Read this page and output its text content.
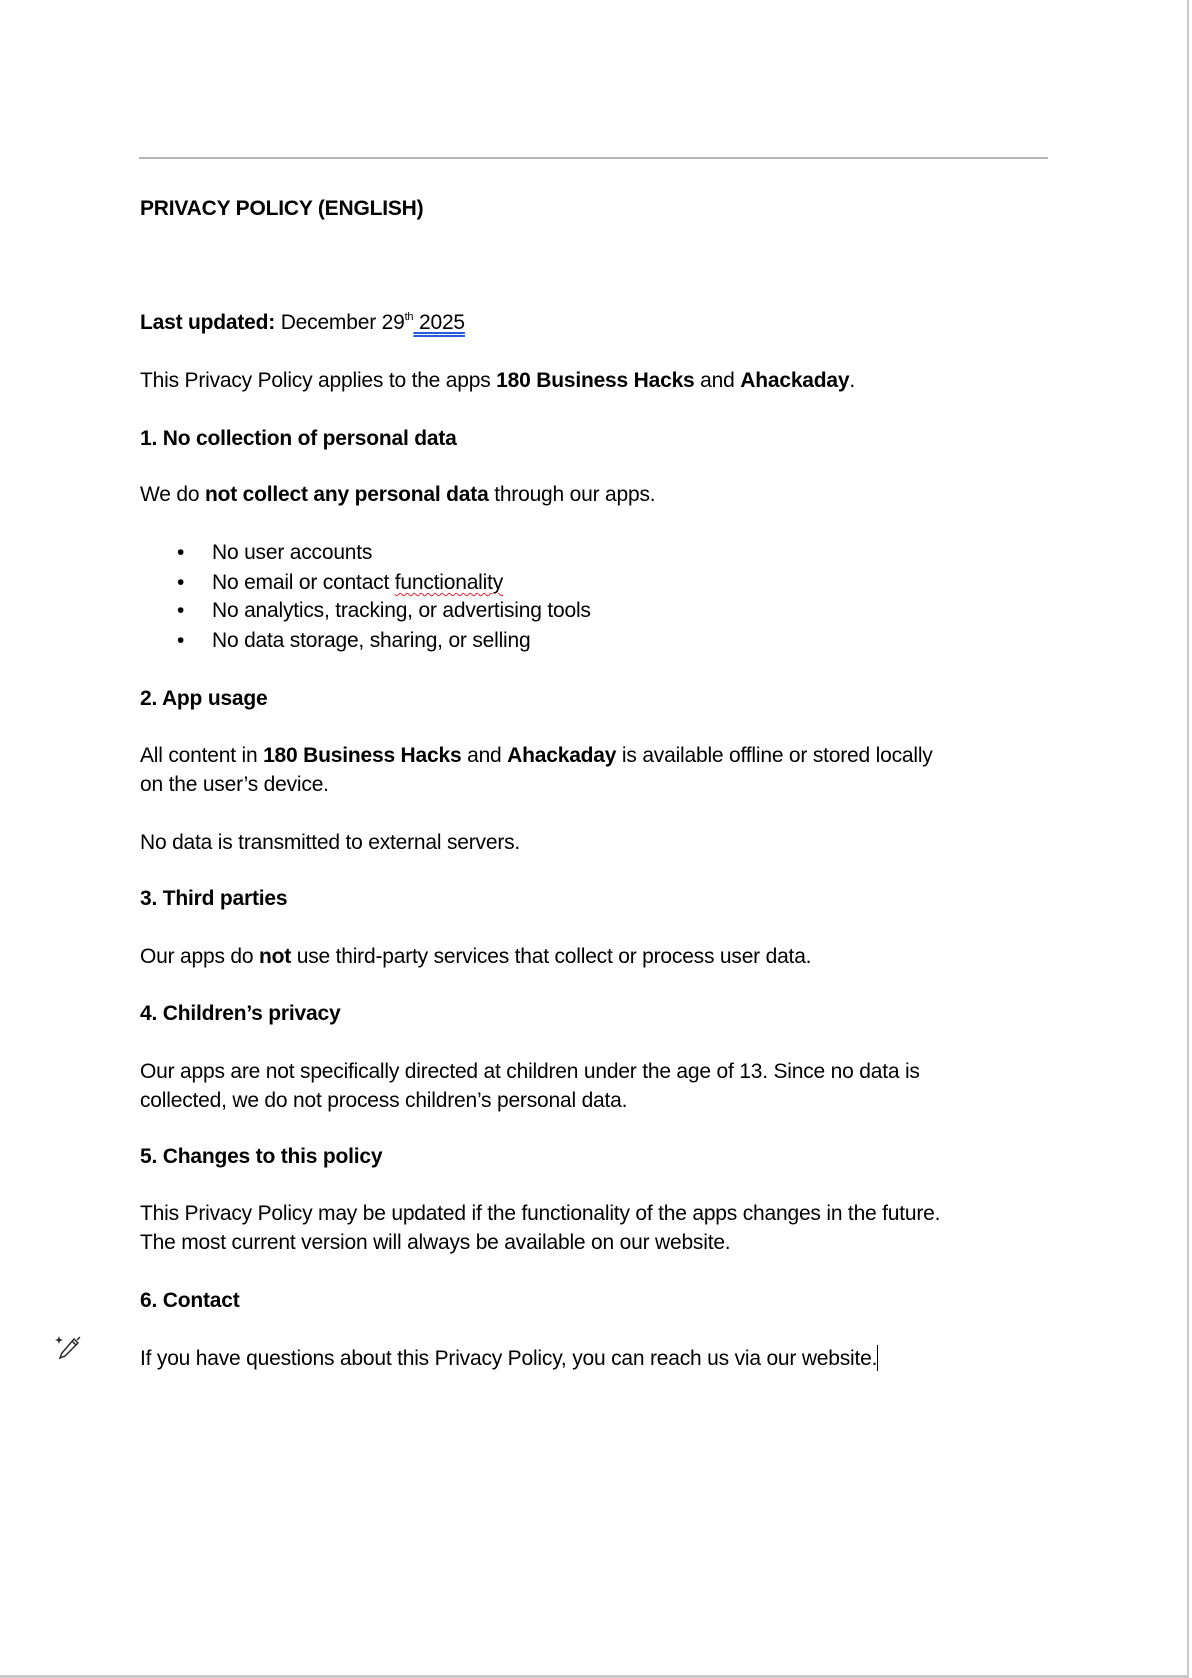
PRIVACY POLICY (ENGLISH)
Last updated: December 29th 2025
This Privacy Policy applies to the apps 180 Business Hacks and Ahackaday.
1. No collection of personal data
We do not collect any personal data through our apps.
• No user accounts
• No email or contact functionality
• No analytics, tracking, or advertising tools
• No data storage, sharing, or selling
2. App usage
All content in 180 Business Hacks and Ahackaday is available offline or stored locally
on the user’s device.
No data is transmitted to external servers.
3. Third parties
Our apps do not use third-party services that collect or process user data.
4. Children’s privacy
Our apps are not specifically directed at children under the age of 13. Since no data is
collected, we do not process children’s personal data.
5. Changes to this policy
This Privacy Policy may be updated if the functionality of the apps changes in the future.
The most current version will always be available on our website.
6. Contact
If you have questions about this Privacy Policy, you can reach us via our website.
